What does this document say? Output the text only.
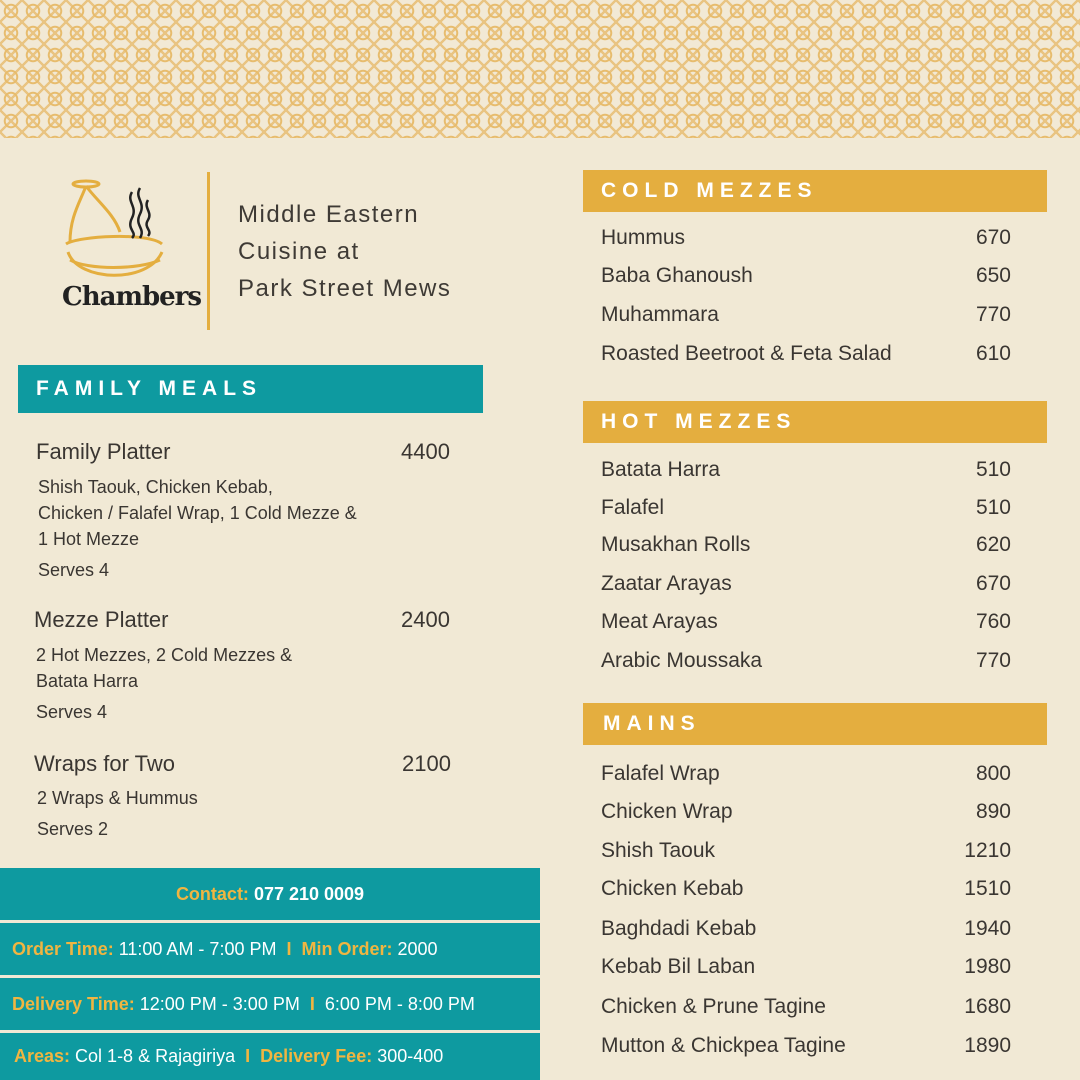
Chambers
Middle Eastern
Cuisine at
Park Street Mews
FAMILY MEALS
Family Platter	4400
Shish Taouk, Chicken Kebab,
Chicken / Falafel Wrap, 1 Cold Mezze &
1 Hot Mezze
Serves 4
Mezze Platter	2400
2 Hot Mezzes, 2 Cold Mezzes &
Batata Harra
Serves 4
Wraps for Two	2100
2 Wraps & Hummus
Serves 2
Contact:
077 210 0009
Order Time:
11:00 AM - 7:00 PM I Min Order:
2000
Delivery Time:
12:00 PM - 3:00 PM I 6:00 PM - 8:00 PM
Areas:
Col 1-8 & Rajagiriya I Delivery Fee:
300-400
COLD MEZZES
Hummus	670
Baba Ghanoush	650
Muhammara	770
Roasted Beetroot & Feta Salad	610
HOT MEZZES
Batata Harra	510
Falafel	510
Musakhan Rolls	620
Zaatar Arayas	670
Meat Arayas	760
Arabic Moussaka	770
MAINS
Falafel Wrap	800
Chicken Wrap	890
Shish Taouk	1210
Chicken Kebab	1510
Baghdadi Kebab	1940
Kebab Bil Laban	1980
Chicken & Prune Tagine	1680
Mutton & Chickpea Tagine	1890
